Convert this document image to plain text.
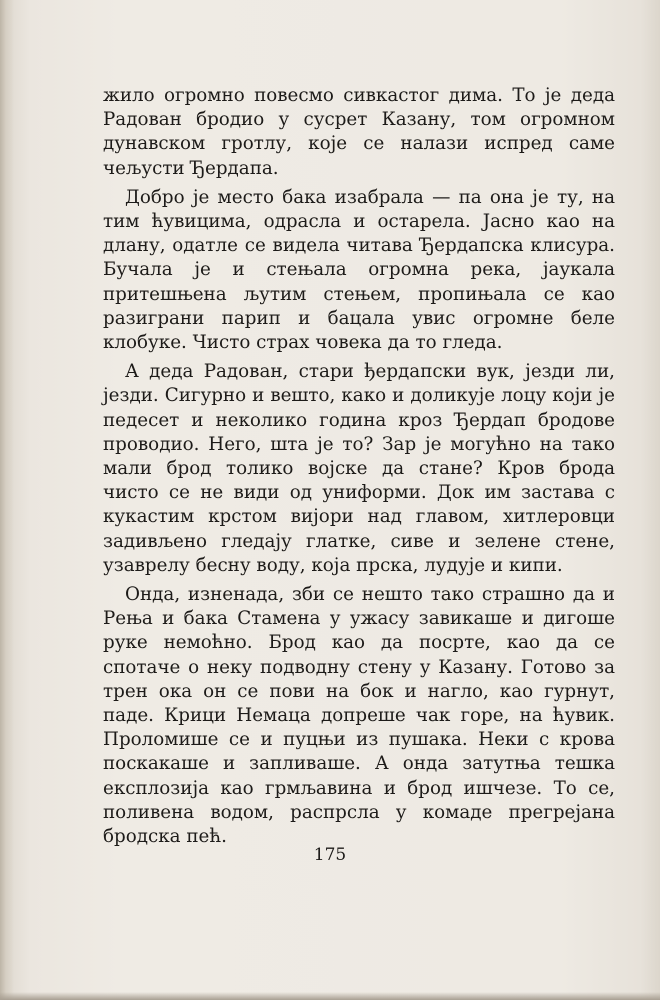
жило огромно повесмо сивкастог дима. То је деда Радован бродио у сусрет Казану, том огромном дунавском гротлу, које се налази испред саме чељусти Ђердапа.

Добро је место бака изабрала — па она је ту, на тим ћувицима, одрасла и остарела. Јасно као на длану, одатле се видела читава Ђердапска клисура. Бучала је и стењала огромна река, јаукала притешњена љутим стењем, пропињала се као разиграни парип и бацала увис огромне беле клобуке. Чисто страх човека да то гледа.

А деда Радован, стари ђердапски вук, језди ли, језди. Сигурно и вешто, како и доликује лоцу који је педесет и неколико година кроз Ђердап бродове проводио. Него, шта је то? Зар је могућно на тако мали брод толико војске да стане? Кров брода чисто се не види од униформи. Док им застава с кукастим крстом вијори над главом, хитлеровци задивљено гледају глатке, сиве и зелене стене, узаврелу бесну воду, која прска, лудује и кипи.

Онда, изненада, зби се нешто тако страшно да и Рења и бака Стамена у ужасу завикаше и дигоше руке немоћно. Брод као да посрте, као да се спотаче о неку подводну стену у Казану. Готово за трен ока он се пови на бок и нагло, као гурнут, паде. Крици Немаца допреше чак горе, на ћувик. Проломише се и пуцњи из пушака. Неки с крова поскакаше и запливаше. А онда затутња тешка експлозија као грмљавина и брод ишчезе. То се, поливена водом, распрсла у комаде прегрејана бродска пећ.

175
